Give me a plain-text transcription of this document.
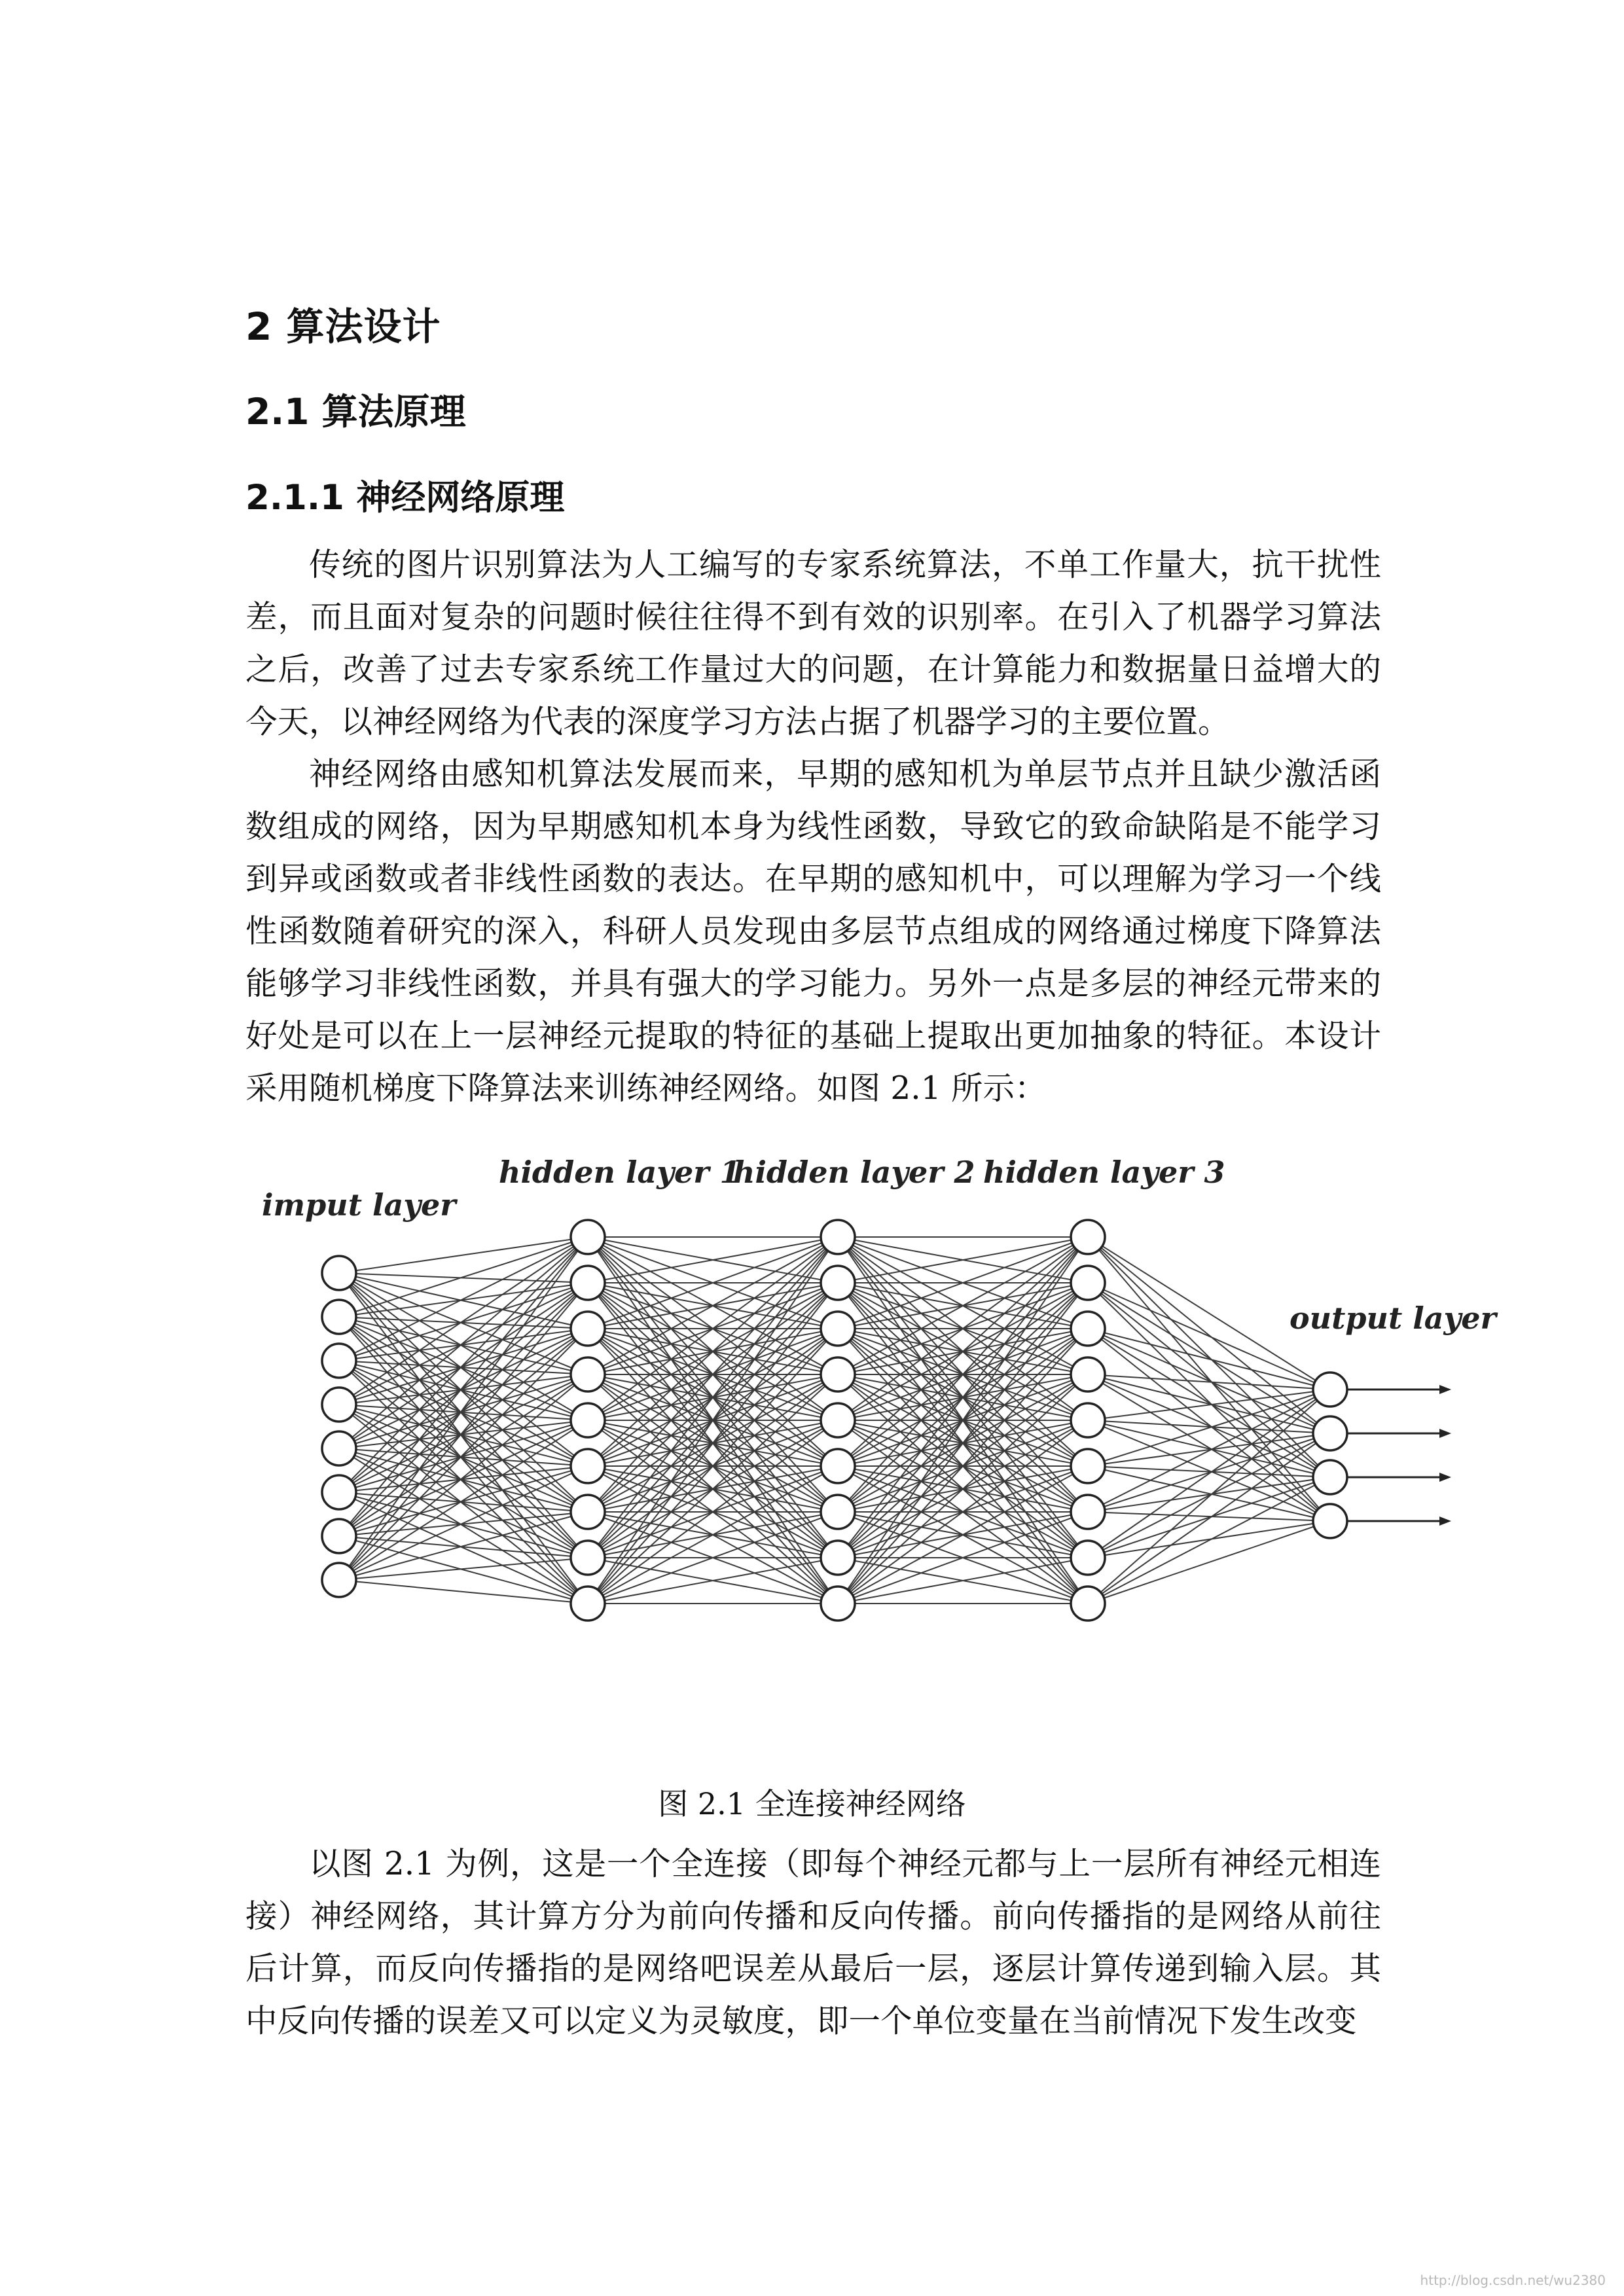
2 算法设计
2.1 算法原理
2.1.1 神经网络原理

传统的图片识别算法为人工编写的专家系统算法，不单工作量大，抗干扰性差，而且面对复杂的问题时候往往得不到有效的识别率。在引入了机器学习算法之后，改善了过去专家系统工作量过大的问题，在计算能力和数据量日益增大的今天，以神经网络为代表的深度学习方法占据了机器学习的主要位置。

神经网络由感知机算法发展而来，早期的感知机为单层节点并且缺少激活函数组成的网络，因为早期感知机本身为线性函数，导致它的致命缺陷是不能学习到异或函数或者非线性函数的表达。在早期的感知机中，可以理解为学习一个线性函数随着研究的深入，科研人员发现由多层节点组成的网络通过梯度下降算法能够学习非线性函数，并具有强大的学习能力。另外一点是多层的神经元带来的好处是可以在上一层神经元提取的特征的基础上提取出更加抽象的特征。本设计采用随机梯度下降算法来训练神经网络。如图 2.1 所示：

imput layer
hidden layer 1
hidden layer 2 hidden layer 3
output layer
图 2.1 全连接神经网络

以图 2.1 为例，这是一个全连接（即每个神经元都与上一层所有神经元相连接）神经网络，其计算方分为前向传播和反向传播。前向传播指的是网络从前往后计算，而反向传播指的是网络吧误差从最后一层，逐层计算传递到输入层。其中反向传播的误差又可以定义为灵敏度，即一个单位变量在当前情况下发生改变

http://blog.csdn.net/wu2380
